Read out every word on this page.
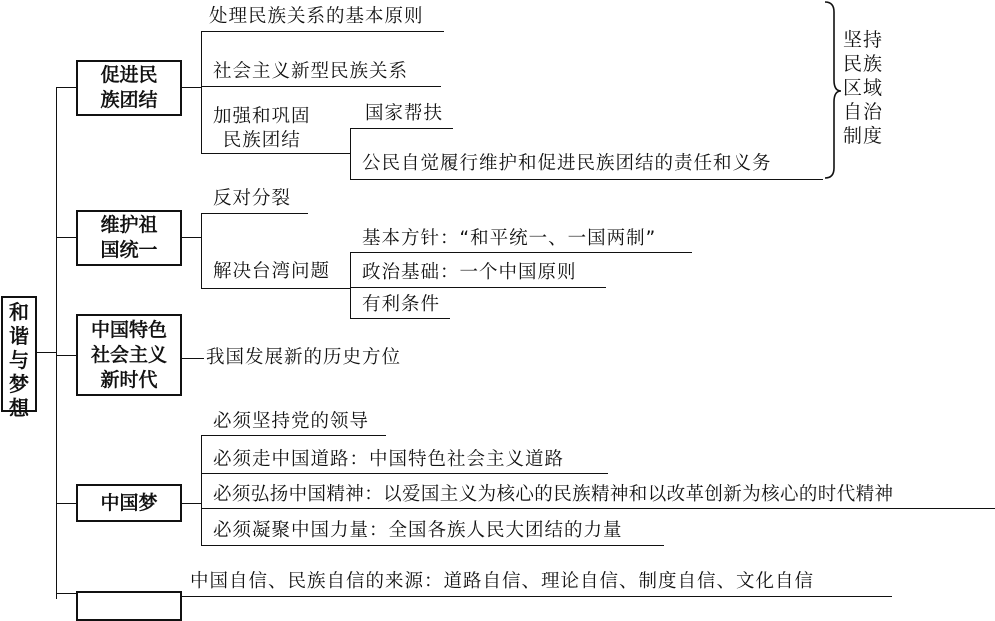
和
谐
与
梦
想
促进民
族团结
处理民族关系的基本原则
社会主义新型民族关系
加强和巩固
民族团结
国家帮扶
公民自觉履行维护和促进民族团结的责任和义务
坚持
民族
区域
自治
制度
维护祖
国统一
反对分裂
解决台湾问题
基本方针：“和平统一、一国两制”
政治基础：一个中国原则
有利条件
中国特色
社会主义
新时代
我国发展新的历史方位
中国梦
必须坚持党的领导
必须走中国道路：中国特色社会主义道路
必须弘扬中国精神：以爱国主义为核心的民族精神和以改革创新为核心的时代精神
必须凝聚中国力量：全国各族人民大团结的力量
中国自信、民族自信的来源：道路自信、理论自信、制度自信、文化自信
